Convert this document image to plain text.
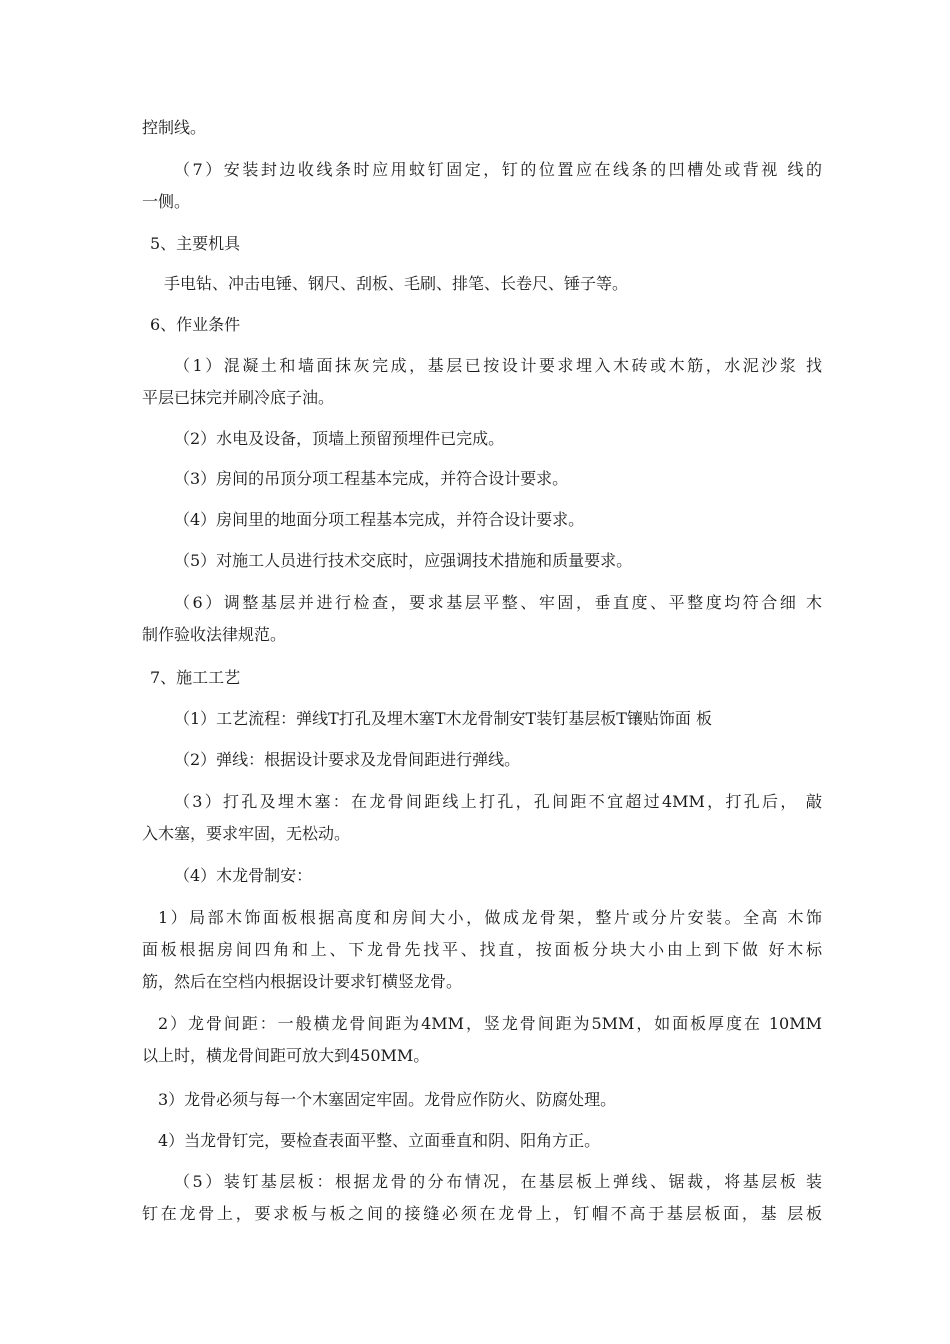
控制线。
（7）安装封边收线条时应用蚊钉固定，钉的位置应在线条的凹槽处或背视 线的
一侧。
5、主要机具
手电钻、冲击电锤、钢尺、刮板、毛刷、排笔、长卷尺、锤子等。
6、作业条件
（1）混凝土和墙面抹灰完成，基层已按设计要求埋入木砖或木筋，水泥沙浆 找
平层已抹完并刷冷底子油。
（2）水电及设备，顶墙上预留预埋件已完成。
（3）房间的吊顶分项工程基本完成，并符合设计要求。
（4）房间里的地面分项工程基本完成，并符合设计要求。
（5）对施工人员进行技术交底时，应强调技术措施和质量要求。
（6）调整基层并进行检查，要求基层平整、牢固，垂直度、平整度均符合细 木
制作验收法律规范。
7、施工工艺
（1）工艺流程：弹线T打孔及埋木塞T木龙骨制安T装钉基层板T镶贴饰面 板
（2）弹线：根据设计要求及龙骨间距进行弹线。
（3）打孔及埋木塞：在龙骨间距线上打孔，孔间距不宜超过4MM，打孔后， 敲
入木塞，要求牢固，无松动。
（4）木龙骨制安：
1）局部木饰面板根据高度和房间大小，做成龙骨架，整片或分片安装。全高 木饰
面板根据房间四角和上、下龙骨先找平、找直，按面板分块大小由上到下做 好木标
筋，然后在空档内根据设计要求钉横竖龙骨。
2）龙骨间距：一般横龙骨间距为4MM，竖龙骨间距为5MM，如面板厚度在 10MM
以上时，横龙骨间距可放大到450MM。
3）龙骨必须与每一个木塞固定牢固。龙骨应作防火、防腐处理。
4）当龙骨钉完，要检查表面平整、立面垂直和阴、阳角方正。
（5）装钉基层板：根据龙骨的分布情况，在基层板上弹线、锯裁，将基层板 装
钉在龙骨上，要求板与板之间的接缝必须在龙骨上，钉帽不高于基层板面，基 层板
